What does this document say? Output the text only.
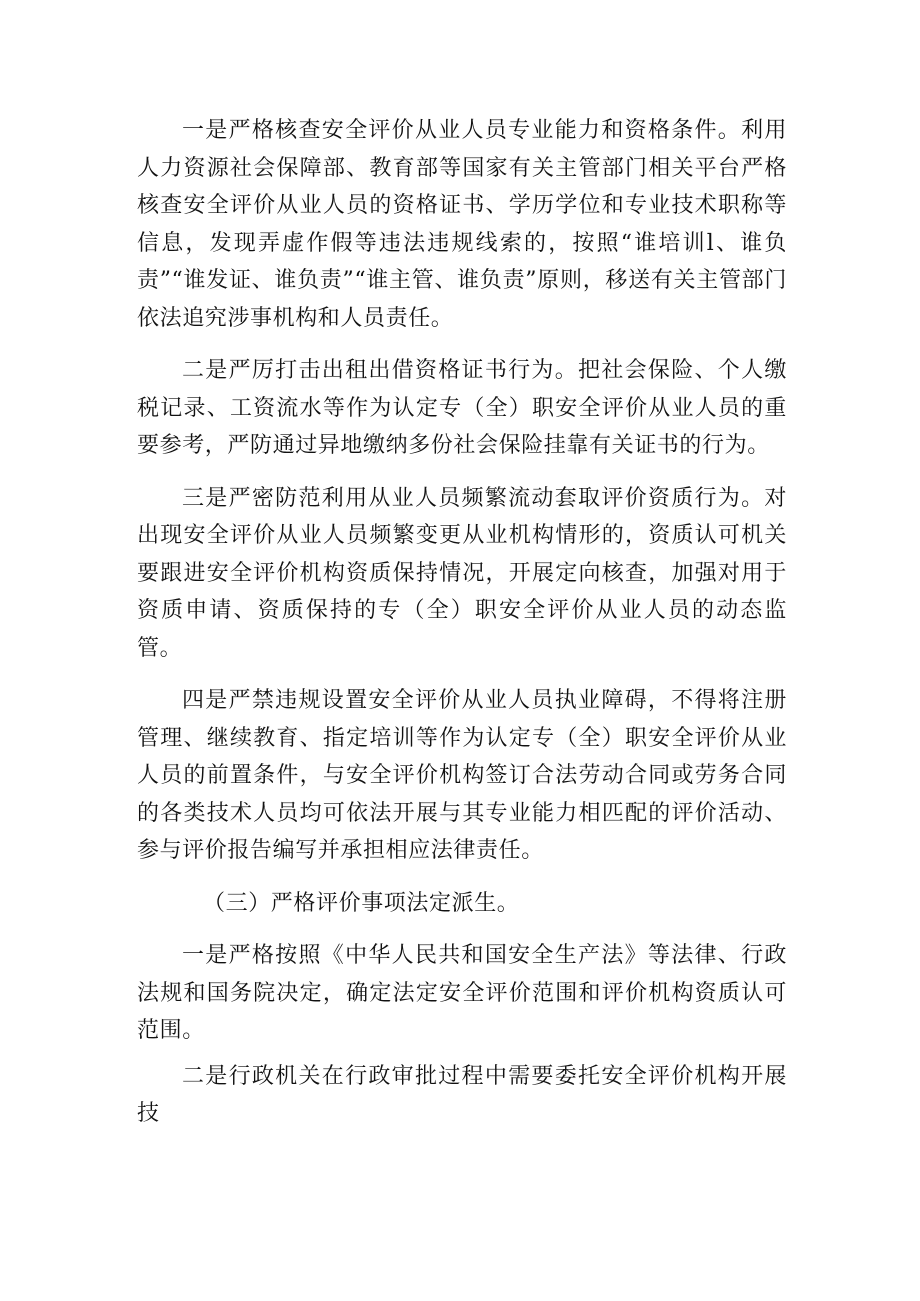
一是严格核查安全评价从业人员专业能力和资格条件。利用人力资源社会保障部、教育部等国家有关主管部门相关平台严格核查安全评价从业人员的资格证书、学历学位和专业技术职称等信息，发现弄虚作假等违法违规线索的，按照“谁培训l、谁负责”“谁发证、谁负责”“谁主管、谁负责”原则，移送有关主管部门依法追究涉事机构和人员责任。

二是严厉打击出租出借资格证书行为。把社会保险、个人缴税记录、工资流水等作为认定专（全）职安全评价从业人员的重要参考，严防通过异地缴纳多份社会保险挂靠有关证书的行为。

三是严密防范利用从业人员频繁流动套取评价资质行为。对出现安全评价从业人员频繁变更从业机构情形的，资质认可机关要跟进安全评价机构资质保持情况，开展定向核查，加强对用于资质申请、资质保持的专（全）职安全评价从业人员的动态监管。

四是严禁违规设置安全评价从业人员执业障碍，不得将注册管理、继续教育、指定培训等作为认定专（全）职安全评价从业人员的前置条件，与安全评价机构签订合法劳动合同或劳务合同的各类技术人员均可依法开展与其专业能力相匹配的评价活动、参与评价报告编写并承担相应法律责任。

（三）严格评价事项法定派生。

一是严格按照《中华人民共和国安全生产法》等法律、行政法规和国务院决定，确定法定安全评价范围和评价机构资质认可范围。

二是行政机关在行政审批过程中需要委托安全评价机构开展技
